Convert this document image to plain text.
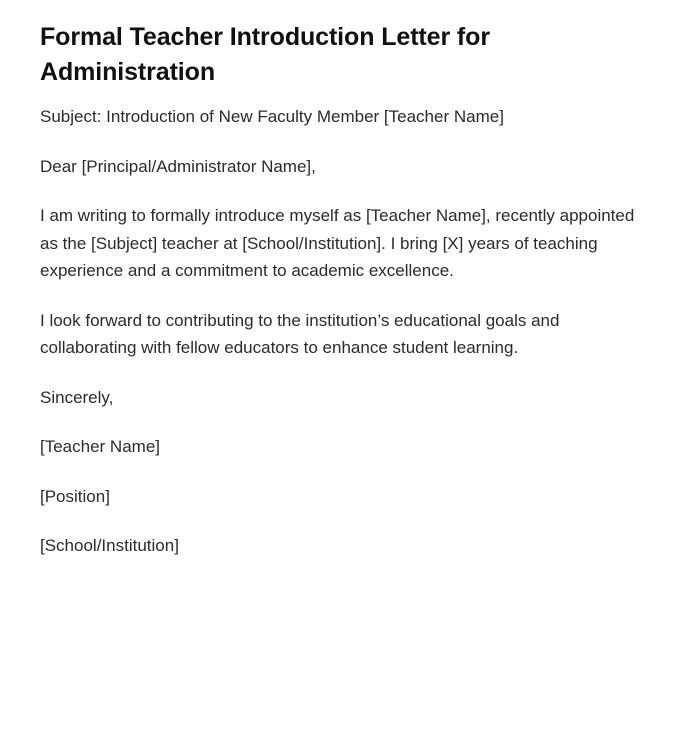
Formal Teacher Introduction Letter for Administration

Subject: Introduction of New Faculty Member [Teacher Name]

Dear [Principal/Administrator Name],

I am writing to formally introduce myself as [Teacher Name], recently appointed as the [Subject] teacher at [School/Institution]. I bring [X] years of teaching experience and a commitment to academic excellence.

I look forward to contributing to the institution’s educational goals and collaborating with fellow educators to enhance student learning.

Sincerely,

[Teacher Name]

[Position]

[School/Institution]
